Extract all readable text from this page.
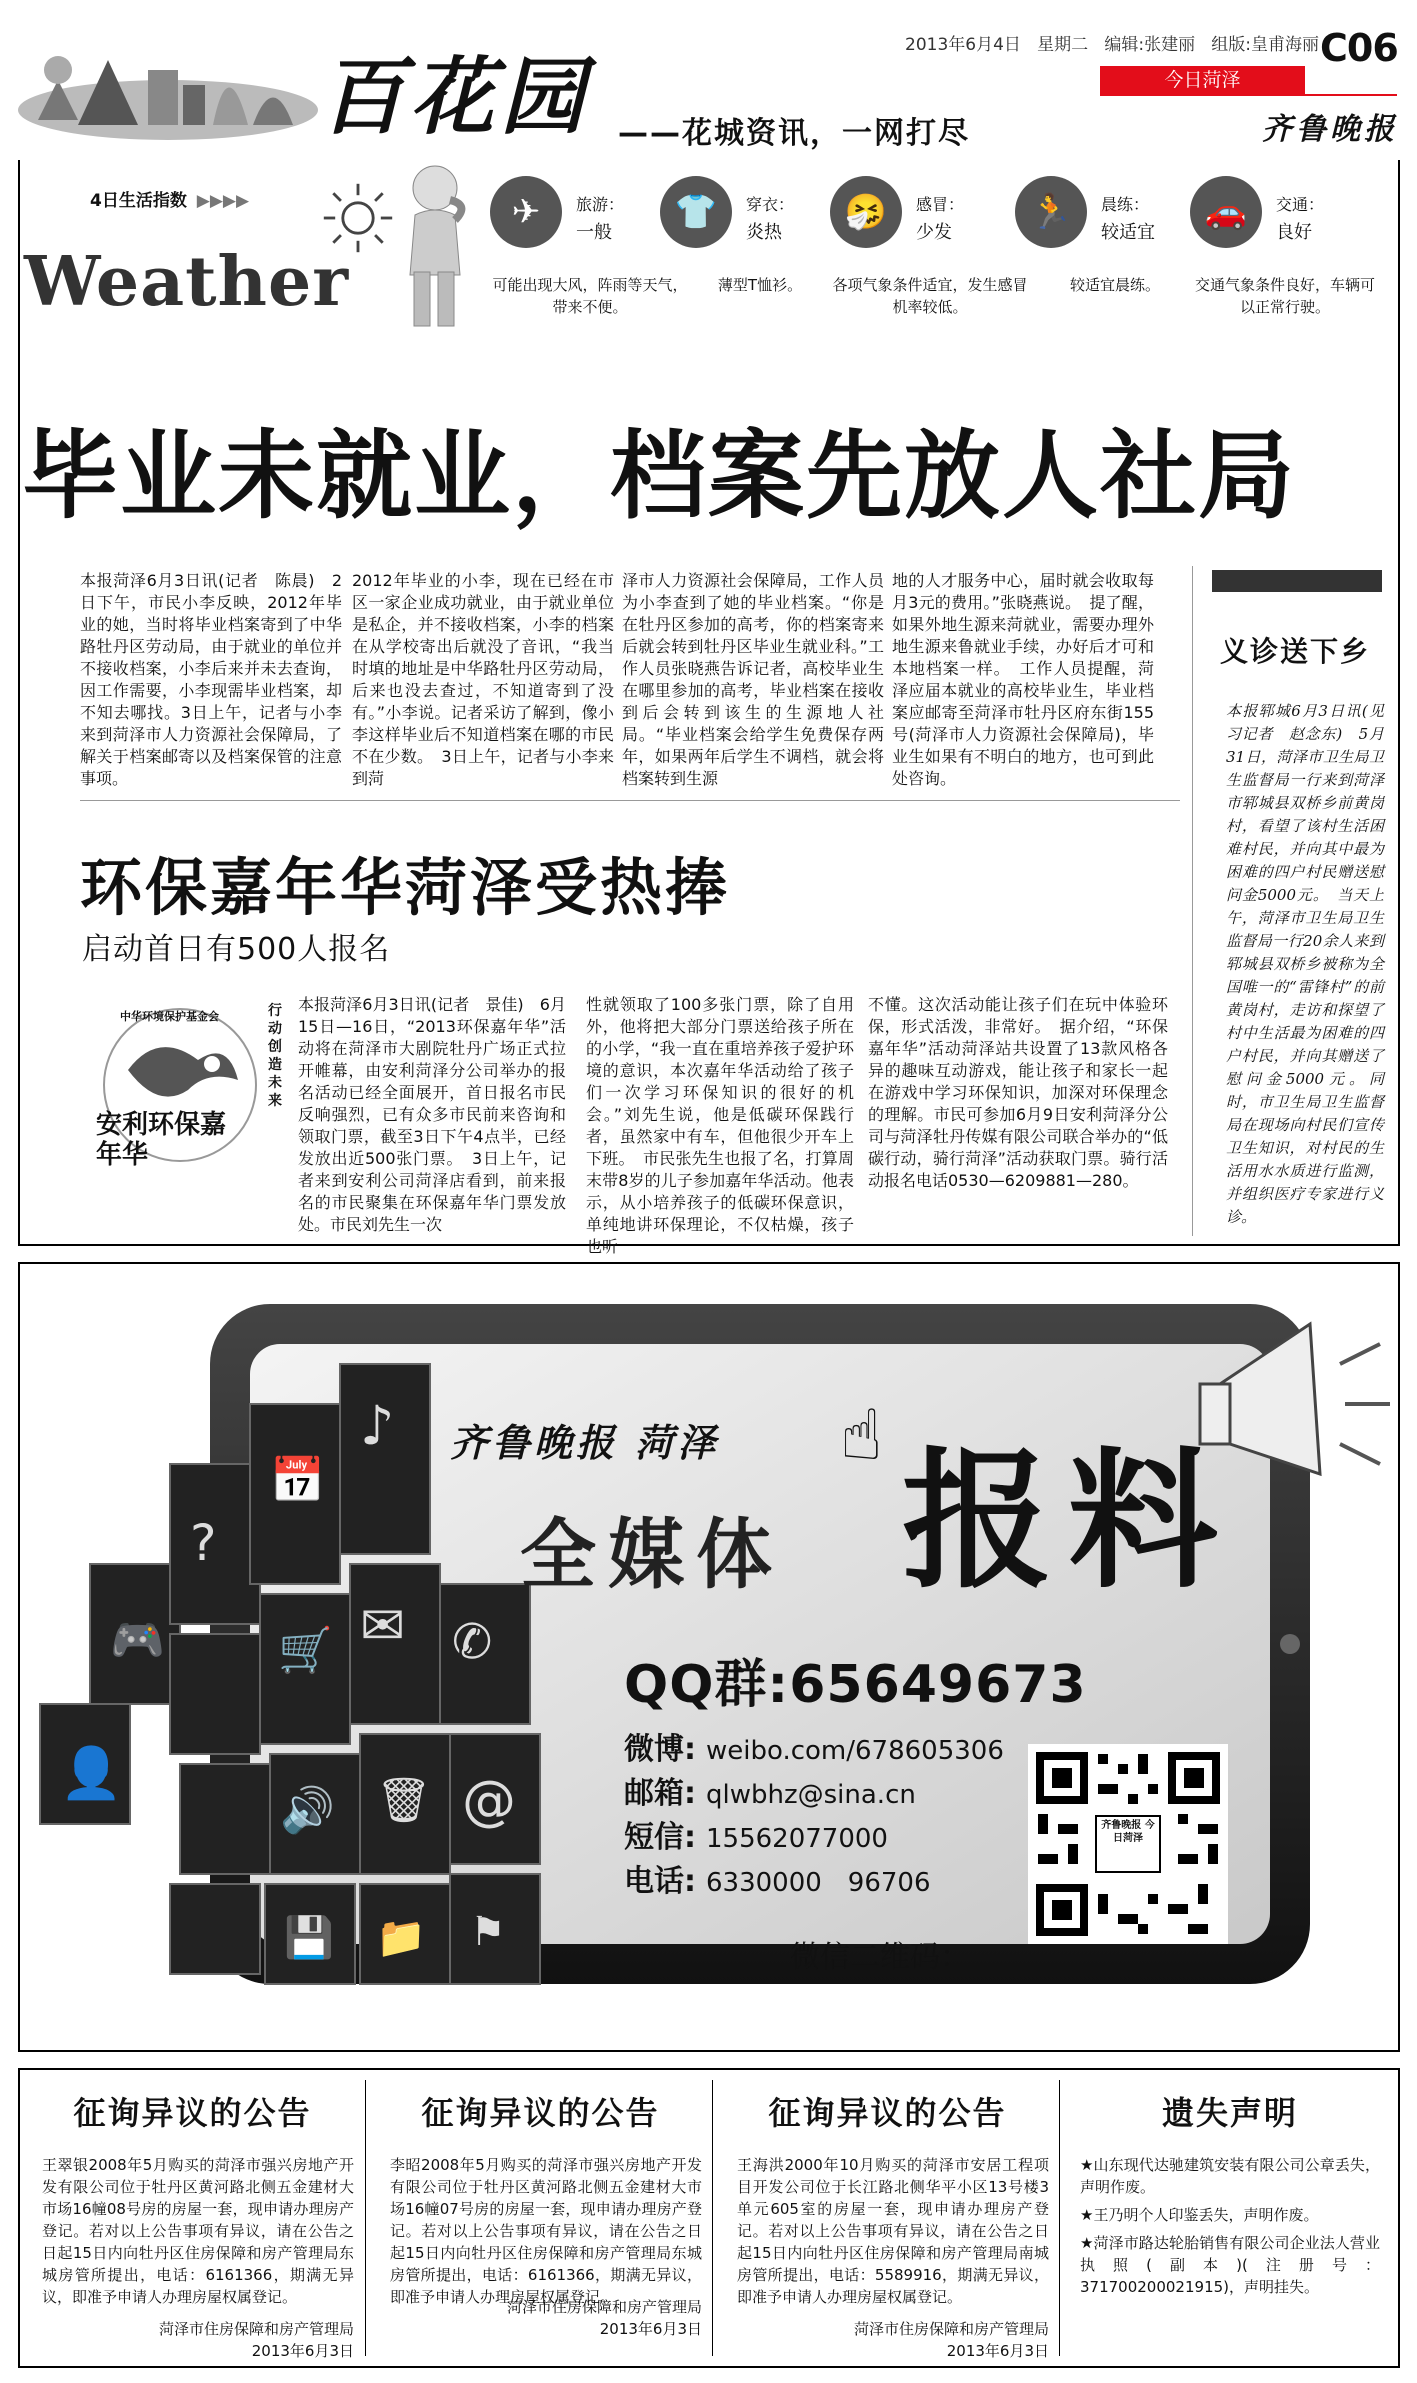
百花园 ——花城资讯，一网打尽
2013年6月4日 星期二 编辑:张建丽 组版:皇甫海丽 C06
今日菏泽
齐鲁晚报
4日生活指数 ▶▶▶▶
Weather
✈	旅游：
一般
可能出现大风，阵雨等天气，带来不便。
👕	穿衣：
炎热
薄型T恤衫。
🤧	感冒：
少发
各项气象条件适宜，发生感冒机率较低。
🏃	晨练：
较适宜
较适宜晨练。
🚗	交通：
良好
交通气象条件良好，车辆可以正常行驶。
毕业未就业，档案先放人社局
本报菏泽6月3日讯(记者　陈晨)　2日下午，市民小李反映，2012年毕业的她，当时将毕业档案寄到了中华路牡丹区劳动局，由于就业的单位并不接收档案，小李后来并未去查询，因工作需要，小李现需毕业档案，却不知去哪找。3日上午，记者与小李来到菏泽市人力资源社会保障局，了解关于档案邮寄以及档案保管的注意事项。
2012年毕业的小李，现在已经在市区一家企业成功就业，由于就业单位是私企，并不接收档案，小李的档案在从学校寄出后就没了音讯，“我当时填的地址是中华路牡丹区劳动局，后来也没去查过，不知道寄到了没有。”小李说。记者采访了解到，像小李这样毕业后不知道档案在哪的市民不在少数。　3日上午，记者与小李来到菏
泽市人力资源社会保障局，工作人员为小李查到了她的毕业档案。“你是在牡丹区参加的高考，你的档案寄来后就会转到牡丹区毕业生就业科。”工作人员张晓燕告诉记者，高校毕业生在哪里参加的高考，毕业档案在接收到后会转到该生的生源地人社局。“毕业档案会给学生免费保存两年，如果两年后学生不调档，就会将档案转到生源
地的人才服务中心，届时就会收取每月3元的费用。”张晓燕说。　提了醒，如果外地生源来菏就业，需要办理外地生源来鲁就业手续，办好后才可和本地档案一样。　工作人员提醒，菏泽应届本就业的高校毕业生，毕业档案应邮寄至菏泽市牡丹区府东街155号(菏泽市人力资源社会保障局)，毕业生如果有不明白的地方，也可到此处咨询。
环保嘉年华菏泽受热捧
启动首日有500人报名
中华环境保护基金会
安利环保嘉年华
行动创造未来
本报菏泽6月3日讯(记者　景佳)　6月15日—16日，“2013环保嘉年华”活动将在菏泽市大剧院牡丹广场正式拉开帷幕，由安利菏泽分公司举办的报名活动已经全面展开，首日报名市民反响强烈，已有众多市民前来咨询和领取门票，截至3日下午4点半，已经发放出近500张门票。　3日上午，记者来到安利公司菏泽店看到，前来报名的市民聚集在环保嘉年华门票发放处。市民刘先生一次
性就领取了100多张门票，除了自用外，他将把大部分门票送给孩子所在的小学，“我一直在重培养孩子爱护环境的意识，本次嘉年华活动给了孩子们一次学习环保知识的很好的机会。”刘先生说，他是低碳环保践行者，虽然家中有车，但他很少开车上下班。　市民张先生也报了名，打算周末带8岁的儿子参加嘉年华活动。他表示，从小培养孩子的低碳环保意识，单纯地讲环保理论，不仅枯燥，孩子也听
不懂。这次活动能让孩子们在玩中体验环保，形式活泼，非常好。　据介绍，“环保嘉年华”活动菏泽站共设置了13款风格各异的趣味互动游戏，能让孩子和家长一起在游戏中学习环保知识，加深对环保理念的理解。市民可参加6月9日安利菏泽分公司与菏泽牡丹传媒有限公司联合举办的“低碳行动，骑行菏泽”活动获取门票。骑行活动报名电话0530—6209881—280。
义诊送下乡
本报郓城6月3日讯(见习记者　赵念东)　5月31日，菏泽市卫生局卫生监督局一行来到菏泽市郓城县双桥乡前黄岗村，看望了该村生活困难村民，并向其中最为困难的四户村民赠送慰问金5000元。　当天上午，菏泽市卫生局卫生监督局一行20余人来到郓城县双桥乡被称为全国唯一的“雷锋村”的前黄岗村，走访和探望了村中生活最为困难的四户村民，并向其赠送了慰问金5000元。同时，市卫生局卫生监督局在现场向村民们宣传卫生知识，对村民的生活用水水质进行监测，并组织医疗专家进行义诊。
♪
✉
🛒 ✆
🔊 🗑 @
👤
🎮
?
📅
💾 📁 ⚑
☝
齐鲁晚报 菏泽
全媒体 报料
QQ群:65649673
微博: weibo.com/678605306
邮箱: qlwbhz@sina.cn
短信: 15562077000
电话: 6330000　96706
微信二维码：
齐鲁晚报 今日菏泽
征询异议的公告
王翠银2008年5月购买的菏泽市强兴房地产开发有限公司位于牡丹区黄河路北侧五金建材大市场16幢08号房的房屋一套，现申请办理房产登记。若对以上公告事项有异议，请在公告之日起15日内向牡丹区住房保障和房产管理局东城房管所提出，电话：6161366，期满无异议，即准予申请人办理房屋权属登记。
菏泽市住房保障和房产管理局
2013年6月3日
征询异议的公告
李昭2008年5月购买的菏泽市强兴房地产开发有限公司位于牡丹区黄河路北侧五金建材大市场16幢07号房的房屋一套，现申请办理房产登记。若对以上公告事项有异议，请在公告之日起15日内向牡丹区住房保障和房产管理局东城房管所提出，电话：6161366，期满无异议，即准予申请人办理房屋权属登记。
菏泽市住房保障和房产管理局
2013年6月3日
征询异议的公告
王海洪2000年10月购买的菏泽市安居工程项目开发公司位于长江路北侧华平小区13号楼3单元605室的房屋一套，现申请办理房产登记。若对以上公告事项有异议，请在公告之日起15日内向牡丹区住房保障和房产管理局南城房管所提出，电话：5589916，期满无异议，即准予申请人办理房屋权属登记。
菏泽市住房保障和房产管理局
2013年6月3日
遗失声明

★山东现代达驰建筑安装有限公司公章丢失，声明作废。

★王乃明个人印鉴丢失，声明作废。

★菏泽市路达轮胎销售有限公司企业法人营业执照(副本)(注册号：371700200021915)，声明挂失。
